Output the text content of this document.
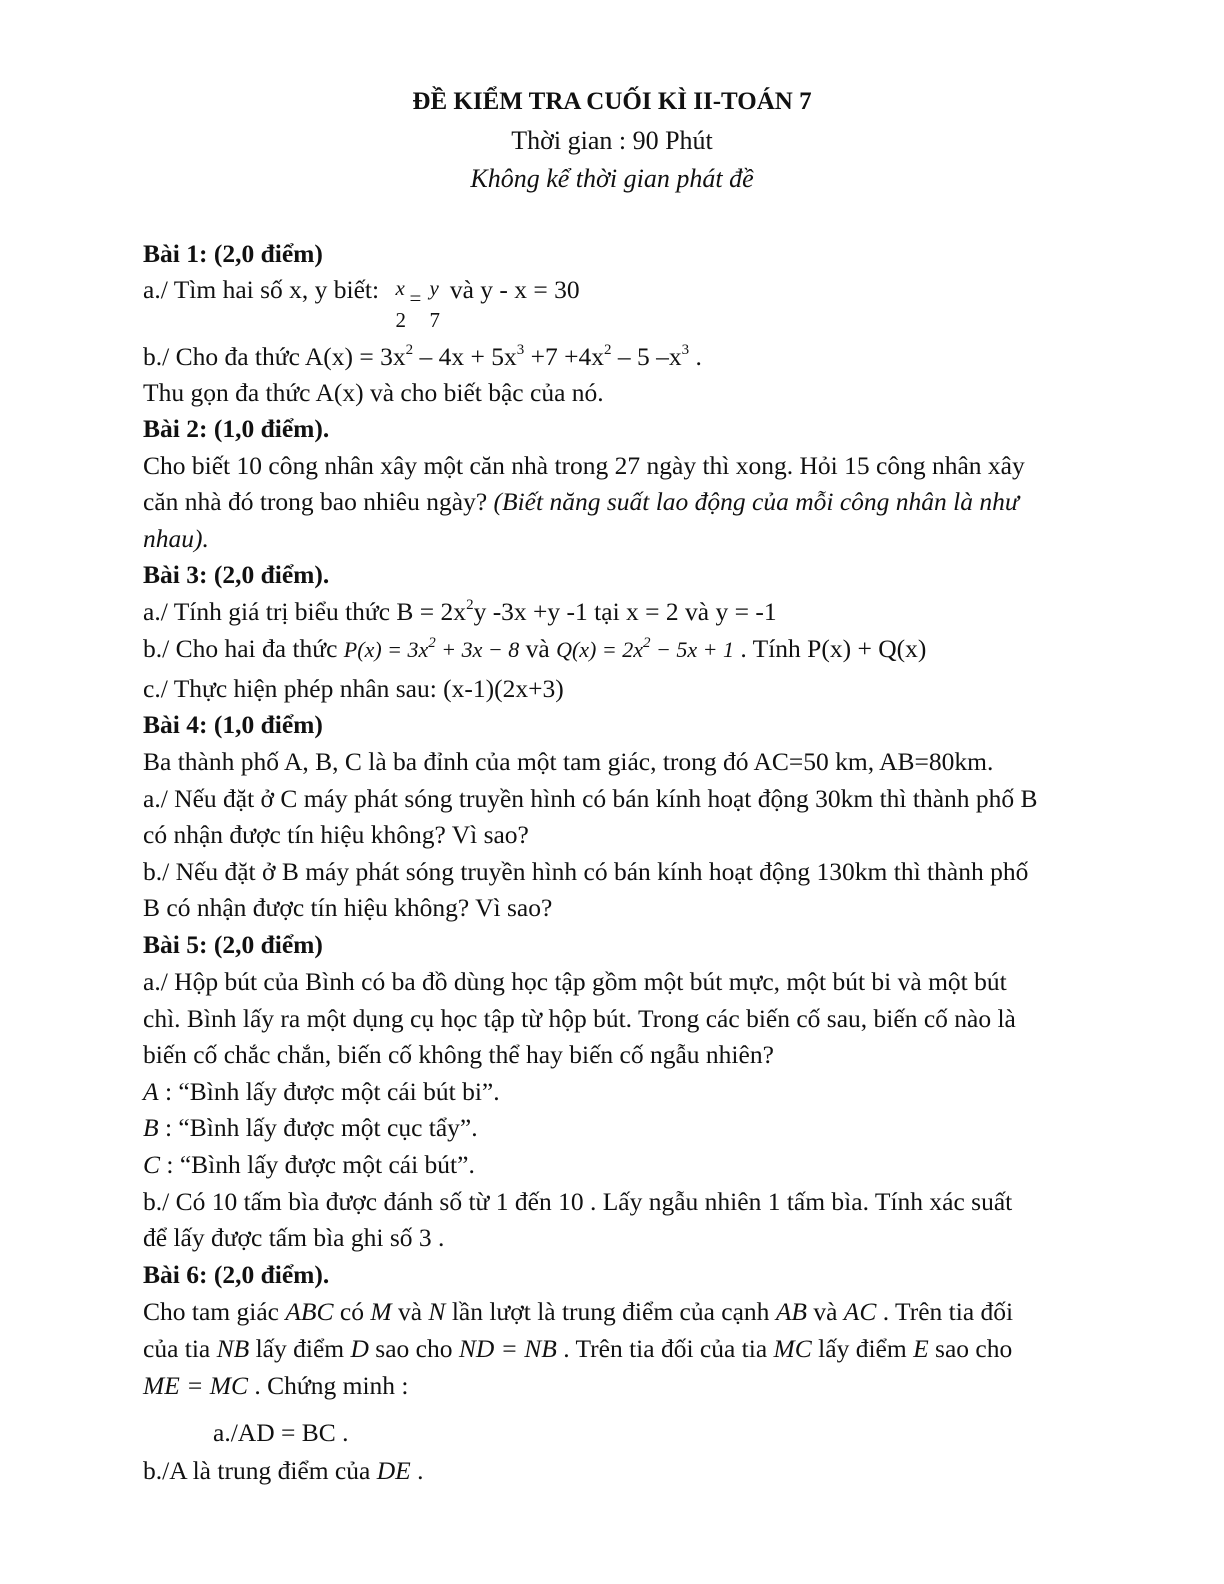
ĐỀ KIỂM TRA CUỐI KÌ II-TOÁN 7
Thời gian : 90 Phút
Không kể thời gian phát đề
Bài 1: (2,0 điểm)
a./ Tìm hai số x, y biết: x = y
2 7
và y - x = 30
b./ Cho đa thức $A(x) = 3x^2 - 4x + 5x^3 +7 +4x^2 - 5$ $-x^3$ .
Thu gọn đa thức A(x) và cho biết bậc của nó.
Bài 2: (1,0 điểm).
Cho biết 10 công nhân xây một căn nhà trong 27 ngày thì xong. Hỏi 15 công nhân xây
căn nhà đó trong bao nhiêu ngày? (Biết năng suất lao động của mỗi công nhân là như
nhau).
Bài 3: (2,0 điểm).
a./ Tính giá trị biểu thức $B = 2x^2y$ -3x +y -1 tại x = 2 và y = -1
b./ Cho hai đa thức $P(x) = 3x^2 + 3x - 8$ và $Q(x) = 2x^2 - 5x + 1$ . Tính P(x) + Q(x)
c./ Thực hiện phép nhân sau: (x-1)(2x+3)
Bài 4: (1,0 điểm)
Ba thành phố A, B, C là ba đỉnh của một tam giác, trong đó AC=50 km, AB=80km.
a./ Nếu đặt ở C máy phát sóng truyền hình có bán kính hoạt động 30km thì thành phố B
có nhận được tín hiệu không? Vì sao?
b./ Nếu đặt ở B máy phát sóng truyền hình có bán kính hoạt động 130km thì thành phố
B có nhận được tín hiệu không? Vì sao?
Bài 5: (2,0 điểm)
a./ Hộp bút của Bình có ba đồ dùng học tập gồm một bút mực, một bút bi và một bút
chì. Bình lấy ra một dụng cụ học tập từ hộp bút. Trong các biến cố sau, biến cố nào là
biến cố chắc chắn, biến cố không thể hay biến cố ngẫu nhiên?
A : “Bình lấy được một cái bút bi”.
B : “Bình lấy được một cục tẩy”.
C : “Bình lấy được một cái bút”.
b./ Có 10 tấm bìa được đánh số từ 1 đến 10 . Lấy ngẫu nhiên 1 tấm bìa. Tính xác suất
để lấy được tấm bìa ghi số 3 .
Bài 6: (2,0 điểm).
Cho tam giác ABC có M và N lần lượt là trung điểm của cạnh AB và AC . Trên tia đối
của tia NB lấy điểm D sao cho ND = NB . Trên tia đối của tia MC lấy điểm E sao cho
ME = MC . Chứng minh :
a./AD = BC .
b./A là trung điểm của DE .
